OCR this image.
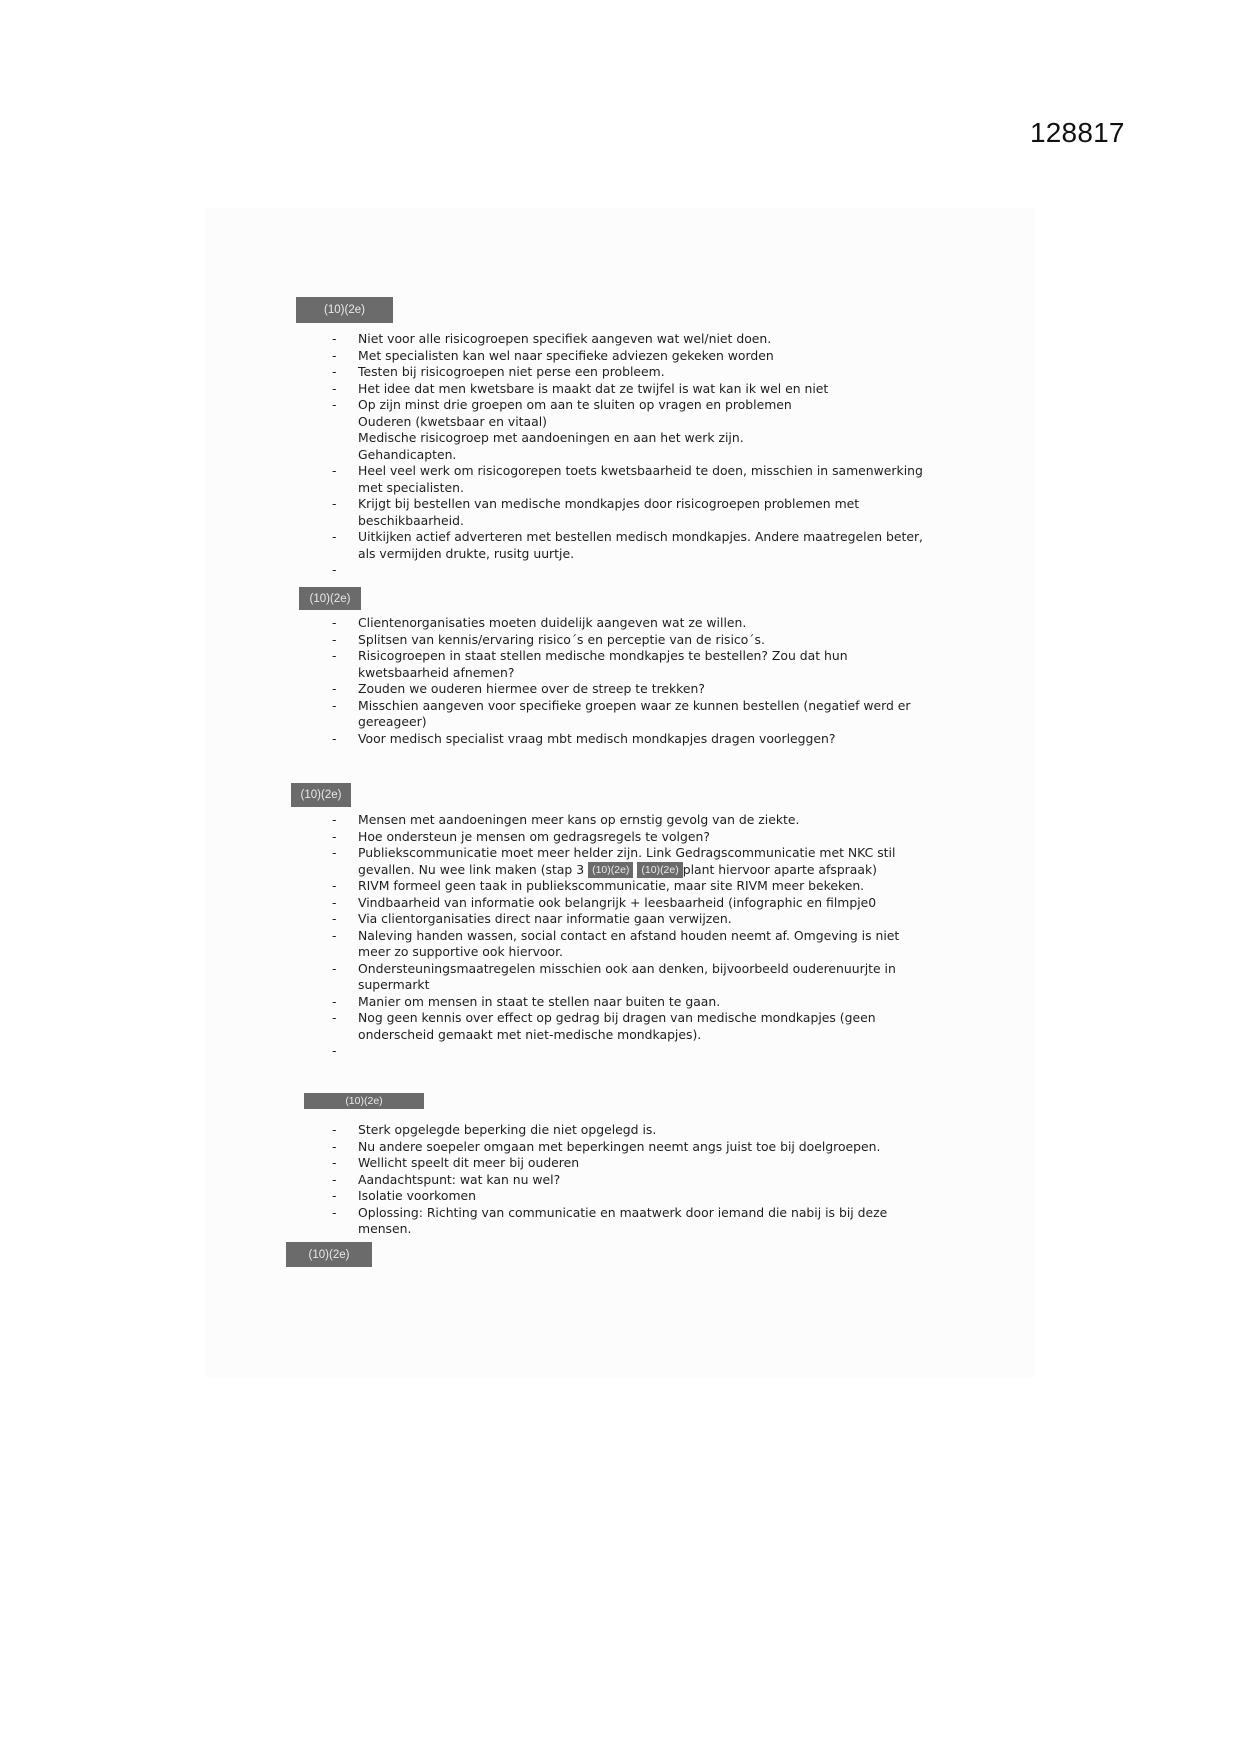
128817
(10)(2e)
(10)(2e)
(10)(2e)
(10)(2e)
(10)(2e)
- Niet voor alle risicogroepen specifiek aangeven wat wel/niet doen.
- Met specialisten kan wel naar specifieke adviezen gekeken worden
- Testen bij risicogroepen niet perse een probleem.
- Het idee dat men kwetsbare is maakt dat ze twijfel is wat kan ik wel en niet
- Op zijn minst drie groepen om aan te sluiten op vragen en problemen
Ouderen (kwetsbaar en vitaal)
Medische risicogroep met aandoeningen en aan het werk zijn.
Gehandicapten.
- Heel veel werk om risicogorepen toets kwetsbaarheid te doen, misschien in samenwerking
met specialisten.
- Krijgt bij bestellen van medische mondkapjes door risicogroepen problemen met
beschikbaarheid.
- Uitkijken actief adverteren met bestellen medisch mondkapjes. Andere maatregelen beter,
als vermijden drukte, rusitg uurtje.
-
- Clientenorganisaties moeten duidelijk aangeven wat ze willen.
- Splitsen van kennis/ervaring risico´s en perceptie van de risico´s.
- Risicogroepen in staat stellen medische mondkapjes te bestellen? Zou dat hun
kwetsbaarheid afnemen?
- Zouden we ouderen hiermee over de streep te trekken?
- Misschien aangeven voor specifieke groepen waar ze kunnen bestellen (negatief werd er
gereageer)
- Voor medisch specialist vraag mbt medisch mondkapjes dragen voorleggen?
- Mensen met aandoeningen meer kans op ernstig gevolg van de ziekte.
- Hoe ondersteun je mensen om gedragsregels te volgen?
- Publiekscommunicatie moet meer helder zijn. Link Gedragscommunicatie met NKC stil
gevallen. Nu wee link maken (stap 3 (10)(2e) (10)(2e) plant hiervoor aparte afspraak)
- RIVM formeel geen taak in publiekscommunicatie, maar site RIVM meer bekeken.
- Vindbaarheid van informatie ook belangrijk + leesbaarheid (infographic en filmpje0
- Via clientorganisaties direct naar informatie gaan verwijzen.
- Naleving handen wassen, social contact en afstand houden neemt af. Omgeving is niet
meer zo supportive ook hiervoor.
- Ondersteuningsmaatregelen misschien ook aan denken, bijvoorbeeld ouderenuurjte in
supermarkt
- Manier om mensen in staat te stellen naar buiten te gaan.
- Nog geen kennis over effect op gedrag bij dragen van medische mondkapjes (geen
onderscheid gemaakt met niet-medische mondkapjes).
-
- Sterk opgelegde beperking die niet opgelegd is.
- Nu andere soepeler omgaan met beperkingen neemt angs juist toe bij doelgroepen.
- Wellicht speelt dit meer bij ouderen
- Aandachtspunt: wat kan nu wel?
- Isolatie voorkomen
- Oplossing: Richting van communicatie en maatwerk door iemand die nabij is bij deze
mensen.
